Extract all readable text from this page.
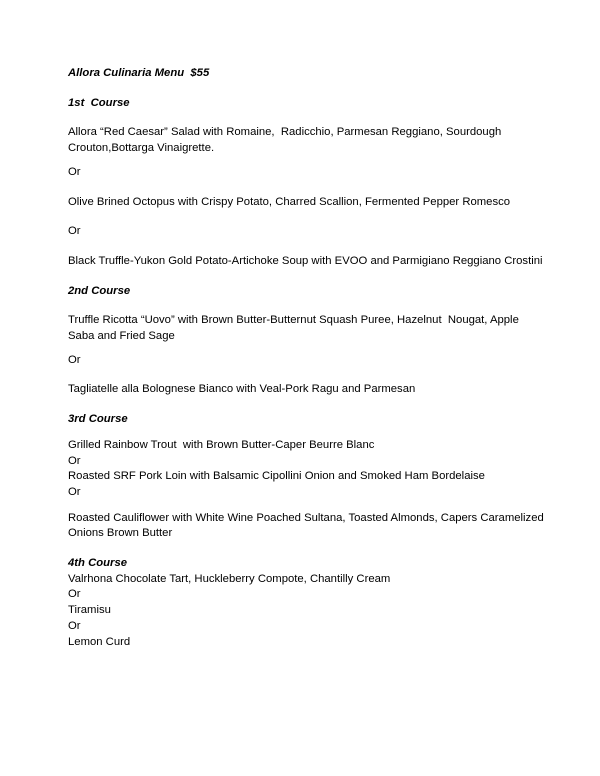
Allora Culinaria Menu  $55

1st  Course

Allora “Red Caesar” Salad with Romaine,  Radicchio, Parmesan Reggiano, Sourdough

Crouton,Bottarga Vinaigrette.

Or

Olive Brined Octopus with Crispy Potato, Charred Scallion, Fermented Pepper Romesco

Or

Black Truffle-Yukon Gold Potato-Artichoke Soup with EVOO and Parmigiano Reggiano Crostini

2nd Course

Truffle Ricotta “Uovo” with Brown Butter-Butternut Squash Puree, Hazelnut  Nougat, Apple

Saba and Fried Sage

Or

Tagliatelle alla Bolognese Bianco with Veal-Pork Ragu and Parmesan

3rd Course

Grilled Rainbow Trout  with Brown Butter-Caper Beurre Blanc

Or

Roasted SRF Pork Loin with Balsamic Cipollini Onion and Smoked Ham Bordelaise

Or

Roasted Cauliflower with White Wine Poached Sultana, Toasted Almonds, Capers Caramelized

Onions Brown Butter

4th Course

Valrhona Chocolate Tart, Huckleberry Compote, Chantilly Cream

Or

Tiramisu

Or

Lemon Curd
